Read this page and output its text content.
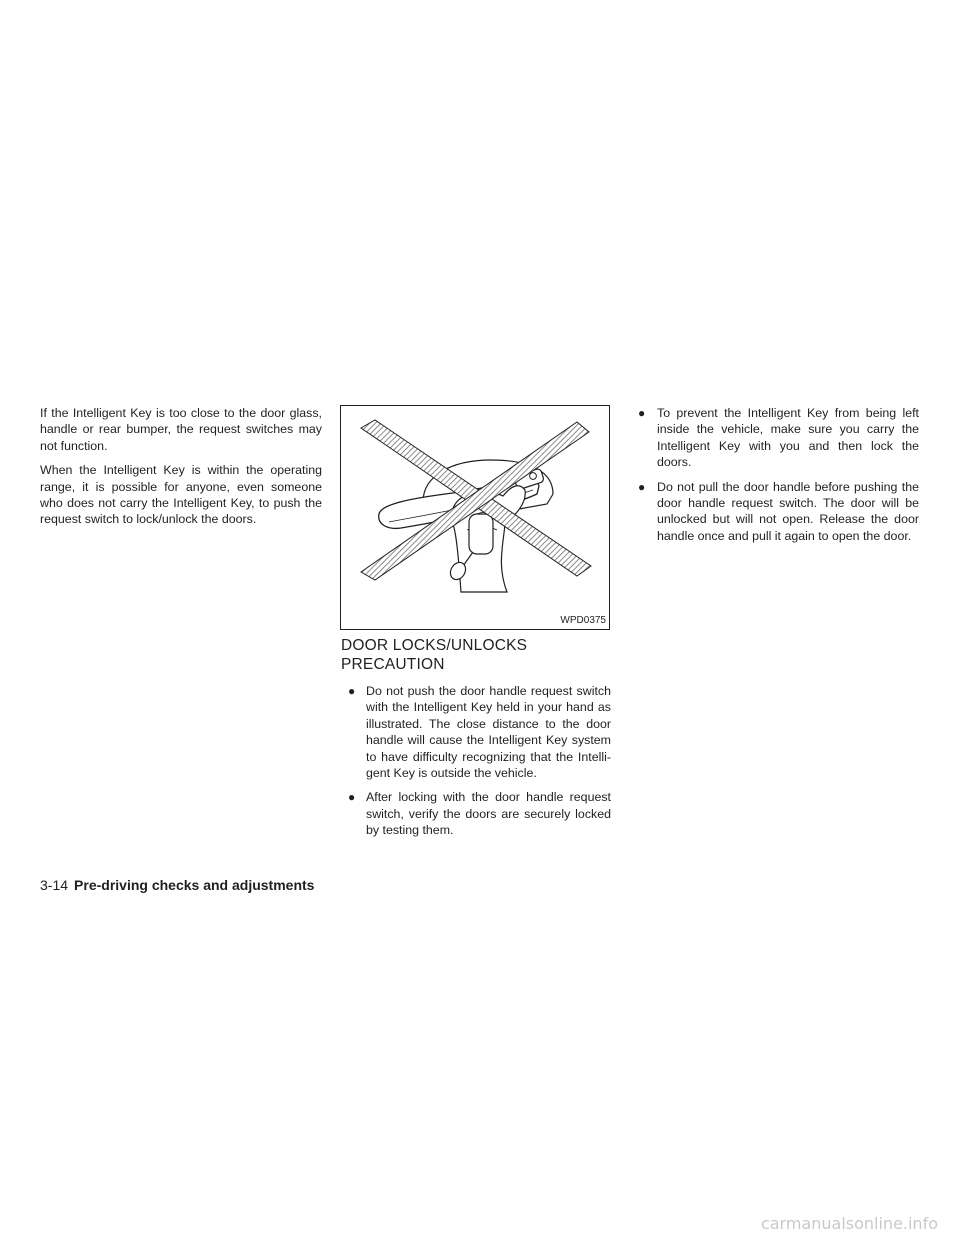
If the Intelligent Key is too close to the door glass, handle or rear bumper, the request switches may not function.

When the Intelligent Key is within the operating range, it is possible for anyone, even someone who does not carry the Intelligent Key, to push the request switch to lock/unlock the doors.

WPD0375
DOOR LOCKS/UNLOCKS
PRECAUTION
● Do not push the door handle request switch with the Intelligent Key held in your hand as illustrated. The close distance to the door handle will cause the Intelligent Key system to have difficulty recognizing that the Intelli- gent Key is outside the vehicle.
● After locking with the door handle request switch, verify the doors are securely locked by testing them.
● To prevent the Intelligent Key from being left inside the vehicle, make sure you carry the Intelligent Key with you and then lock the doors.
● Do not pull the door handle before pushing the door handle request switch. The door will be unlocked but will not open. Release the door handle once and pull it again to open the door.
3-14 Pre-driving checks and adjustments
carmanualsonline.info
